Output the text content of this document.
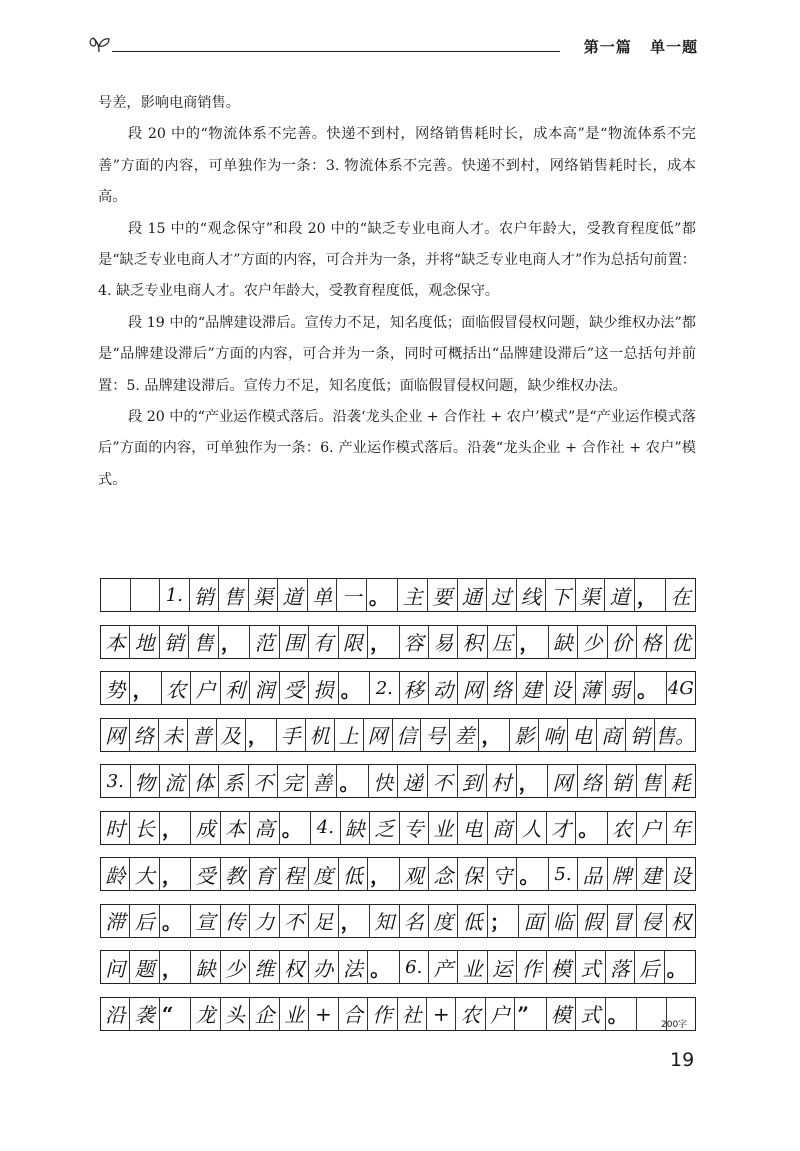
第一篇 单一题

号差，影响电商销售。

段 20 中的“物流体系不完善。快递不到村，网络销售耗时长，成本高”是“物流体系不完善”方面的内容，可单独作为一条：3. 物流体系不完善。快递不到村，网络销售耗时长，成本高。

段 15 中的“观念保守”和段 20 中的“缺乏专业电商人才。农户年龄大，受教育程度低”都是“缺乏专业电商人才”方面的内容，可合并为一条，并将“缺乏专业电商人才”作为总括句前置：4. 缺乏专业电商人才。农户年龄大，受教育程度低，观念保守。

段 19 中的“品牌建设滞后。宣传力不足，知名度低；面临假冒侵权问题，缺少维权办法”都是“品牌建设滞后”方面的内容，可合并为一条，同时可概括出“品牌建设滞后”这一总括句并前置：5. 品牌建设滞后。宣传力不足，知名度低；面临假冒侵权问题，缺少维权办法。

段 20 中的“产业运作模式落后。沿袭‘龙头企业 + 合作社 + 农户’模式”是“产业运作模式落后”方面的内容，可单独作为一条：6. 产业运作模式落后。沿袭“龙头企业 + 合作社 + 农户”模式。

1. 销 售 渠 道 单 一 。 主 要 通 过 线 下 渠 道 ， 在
本 地 销 售 ， 范 围 有 限 ， 容 易 积 压 ， 缺 少 价 格 优
势 ， 农 户 利 润 受 损 。 2. 移 动 网 络 建 设 薄 弱 。 4G
网 络 未 普 及 ， 手 机 上 网 信 号 差 ， 影 响 电 商 销 售。
3. 物 流 体 系 不 完 善 。 快 递 不 到 村 ， 网 络 销 售 耗
时 长 ， 成 本 高 。 4. 缺 乏 专 业 电 商 人 才 。 农 户 年
龄 大 ， 受 教 育 程 度 低 ， 观 念 保 守 。 5. 品 牌 建 设
滞 后 。 宣 传 力 不 足 ， 知 名 度 低 ； 面 临 假 冒 侵 权
问 题 ， 缺 少 维 权 办 法 。 6. 产 业 运 作 模 式 落 后 。
沿 袭 “	龙 头 企 业 + 合 作 社 + 农 户 ”	模 式 。	200字
19
